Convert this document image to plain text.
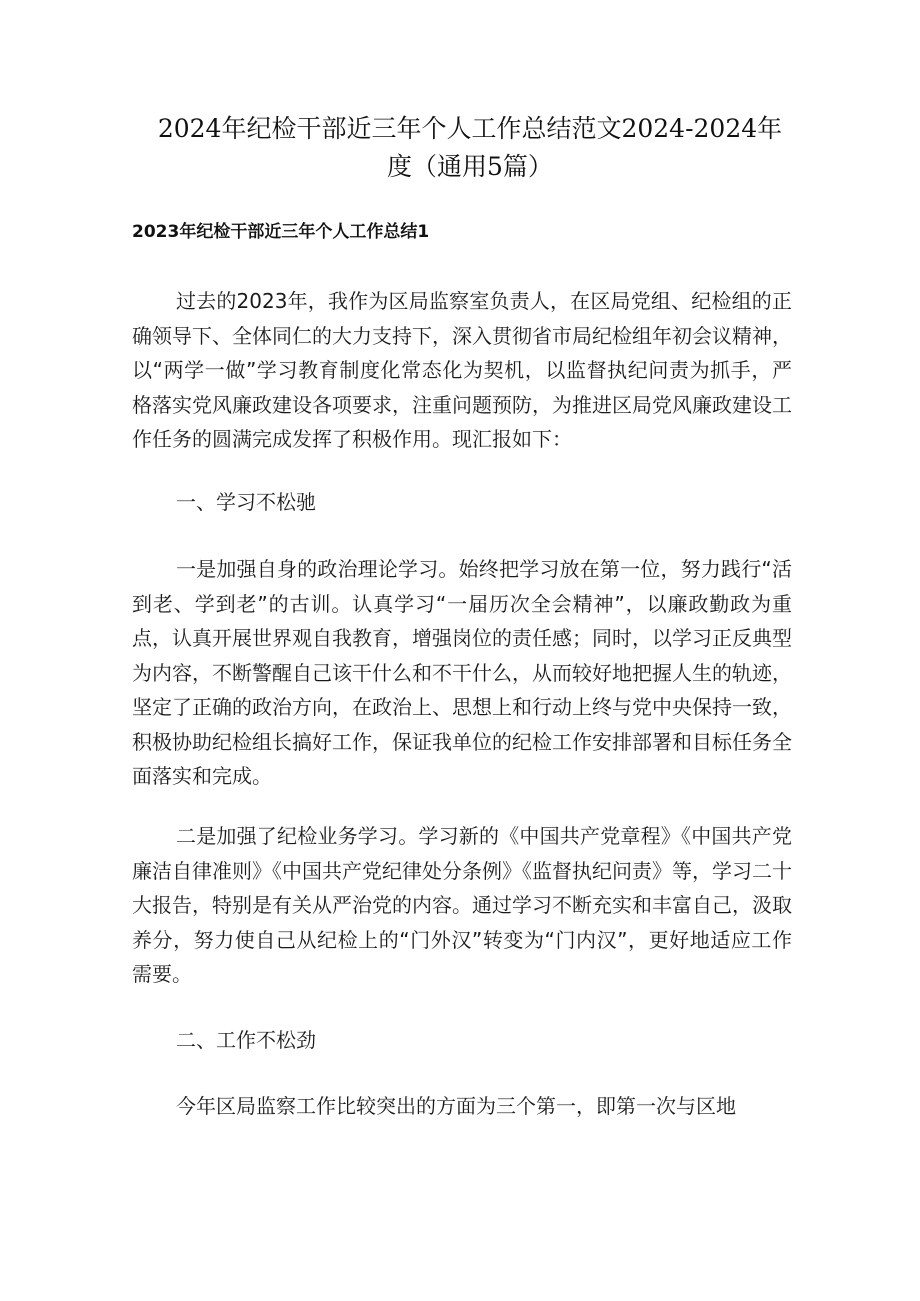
2024年纪检干部近三年个人工作总结范文2024-2024年度（通用5篇）
2023年纪检干部近三年个人工作总结1

过去的2023年，我作为区局监察室负责人，在区局党组、纪检组的正确领导下、全体同仁的大力支持下，深入贯彻省市局纪检组年初会议精神，以“两学一做”学习教育制度化常态化为契机，以监督执纪问责为抓手，严格落实党风廉政建设各项要求，注重问题预防，为推进区局党风廉政建设工作任务的圆满完成发挥了积极作用。现汇报如下：

一、学习不松驰

一是加强自身的政治理论学习。始终把学习放在第一位，努力践行“活到老、学到老”的古训。认真学习“一届历次全会精神”，以廉政勤政为重点，认真开展世界观自我教育，增强岗位的责任感；同时，以学习正反典型为内容，不断警醒自己该干什么和不干什么，从而较好地把握人生的轨迹，坚定了正确的政治方向，在政治上、思想上和行动上终与党中央保持一致，积极协助纪检组长搞好工作，保证我单位的纪检工作安排部署和目标任务全面落实和完成。

二是加强了纪检业务学习。学习新的《中国共产党章程》《中国共产党廉洁自律准则》《中国共产党纪律处分条例》《监督执纪问责》等，学习二十大报告，特别是有关从严治党的内容。通过学习不断充实和丰富自己，汲取养分，努力使自己从纪检上的“门外汉”转变为“门内汉”，更好地适应工作需要。

二、工作不松劲

今年区局监察工作比较突出的方面为三个第一，即第一次与区地
